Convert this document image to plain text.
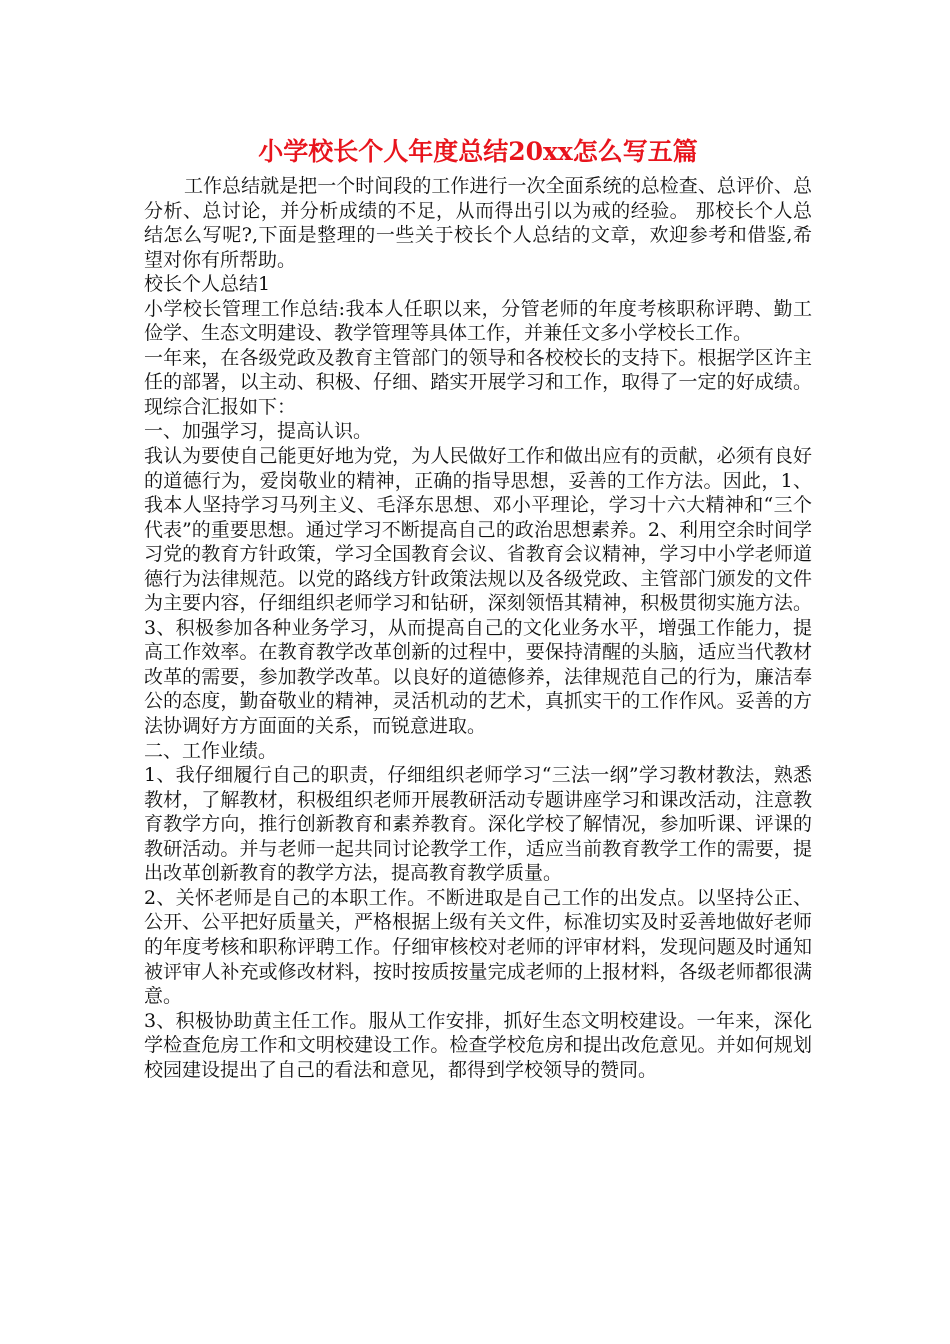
小学校长个人年度总结20xx怎么写五篇

工作总结就是把一个时间段的工作进行一次全面系统的总检查、总评价、总分析、总讨论，并分析成绩的不足，从而得出引以为戒的经验。 那校长个人总结怎么写呢?,下面是整理的一些关于校长个人总结的文章，欢迎参考和借鉴,希望对你有所帮助。

校长个人总结1

小学校长管理工作总结:我本人任职以来，分管老师的年度考核职称评聘、勤工俭学、生态文明建设、教学管理等具体工作，并兼任文多小学校长工作。

一年来，在各级党政及教育主管部门的领导和各校校长的支持下。根据学区许主任的部署，以主动、积极、仔细、踏实开展学习和工作，取得了一定的好成绩。现综合汇报如下：

一、加强学习，提高认识。

我认为要使自己能更好地为党，为人民做好工作和做出应有的贡献，必须有良好的道德行为，爱岗敬业的精神，正确的指导思想，妥善的工作方法。因此，1、我本人坚持学习马列主义、毛泽东思想、邓小平理论，学习十六大精神和“三个代表”的重要思想。通过学习不断提高自己的政治思想素养。2、利用空余时间学习党的教育方针政策，学习全国教育会议、省教育会议精神，学习中小学老师道德行为法律规范。以党的路线方针政策法规以及各级党政、主管部门颁发的文件为主要内容，仔细组织老师学习和钻研，深刻领悟其精神，积极贯彻实施方法。3、积极参加各种业务学习，从而提高自己的文化业务水平，增强工作能力，提高工作效率。在教育教学改革创新的过程中，要保持清醒的头脑，适应当代教材改革的需要，参加教学改革。以良好的道德修养，法律规范自己的行为，廉洁奉公的态度，勤奋敬业的精神，灵活机动的艺术，真抓实干的工作作风。妥善的方法协调好方方面面的关系，而锐意进取。

二、工作业绩。

1、我仔细履行自己的职责，仔细组织老师学习“三法一纲”学习教材教法，熟悉教材，了解教材，积极组织老师开展教研活动专题讲座学习和课改活动，注意教育教学方向，推行创新教育和素养教育。深化学校了解情况，参加听课、评课的教研活动。并与老师一起共同讨论教学工作，适应当前教育教学工作的需要，提出改革创新教育的教学方法，提高教育教学质量。

2、关怀老师是自己的本职工作。不断进取是自己工作的出发点。以坚持公正、公开、公平把好质量关，严格根据上级有关文件，标准切实及时妥善地做好老师的年度考核和职称评聘工作。仔细审核校对老师的评审材料，发现问题及时通知被评审人补充或修改材料，按时按质按量完成老师的上报材料，各级老师都很满意。

3、积极协助黄主任工作。服从工作安排，抓好生态文明校建设。一年来，深化学检查危房工作和文明校建设工作。检查学校危房和提出改危意见。并如何规划校园建设提出了自己的看法和意见，都得到学校领导的赞同。
